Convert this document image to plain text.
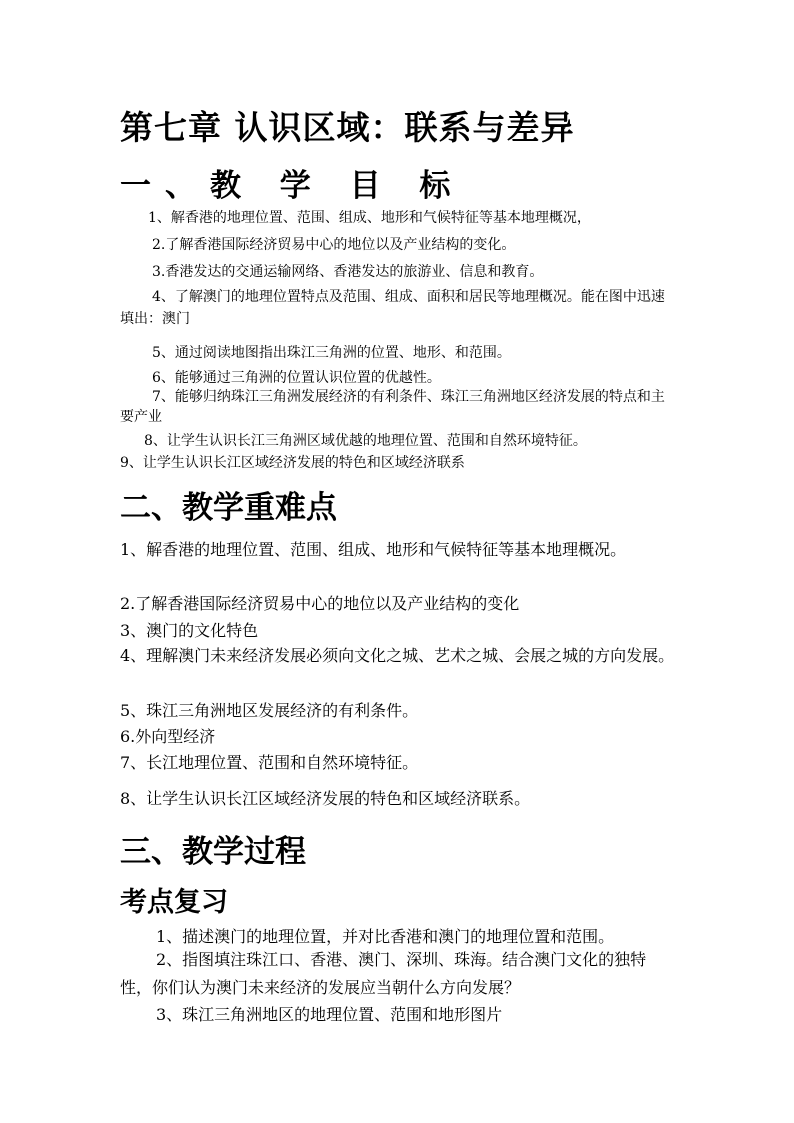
第七章 认识区域：联系与差异
一、教 学 目 标
1、解香港的地理位置、范围、组成、地形和气候特征等基本地理概况，
2.了解香港国际经济贸易中心的地位以及产业结构的变化。
3.香港发达的交通运输网络、香港发达的旅游业、信息和教育。
4、了解澳门的地理位置特点及范围、组成、面积和居民等地理概况。能在图中迅速填出：澳门
5、通过阅读地图指出珠江三角洲的位置、地形、和范围。
6、能够通过三角洲的位置认识位置的优越性。
7、能够归纳珠江三角洲发展经济的有利条件、珠江三角洲地区经济发展的特点和主要产业
8、让学生认识长江三角洲区域优越的地理位置、范围和自然环境特征。
9、让学生认识长江区域经济发展的特色和区域经济联系
二、教学重难点
1、解香港的地理位置、范围、组成、地形和气候特征等基本地理概况。
2.了解香港国际经济贸易中心的地位以及产业结构的变化
3、澳门的文化特色
4、理解澳门未来经济发展必须向文化之城、艺术之城、会展之城的方向发展。
5、珠江三角洲地区发展经济的有利条件。
6.外向型经济
7、长江地理位置、范围和自然环境特征。
8、让学生认识长江区域经济发展的特色和区域经济联系。
三、教学过程
考点复习
1、描述澳门的地理位置，并对比香港和澳门的地理位置和范围。
2、指图填注珠江口、香港、澳门、深圳、珠海。结合澳门文化的独特性，你们认为澳门未来经济的发展应当朝什么方向发展？
3、珠江三角洲地区的地理位置、范围和地形图片
